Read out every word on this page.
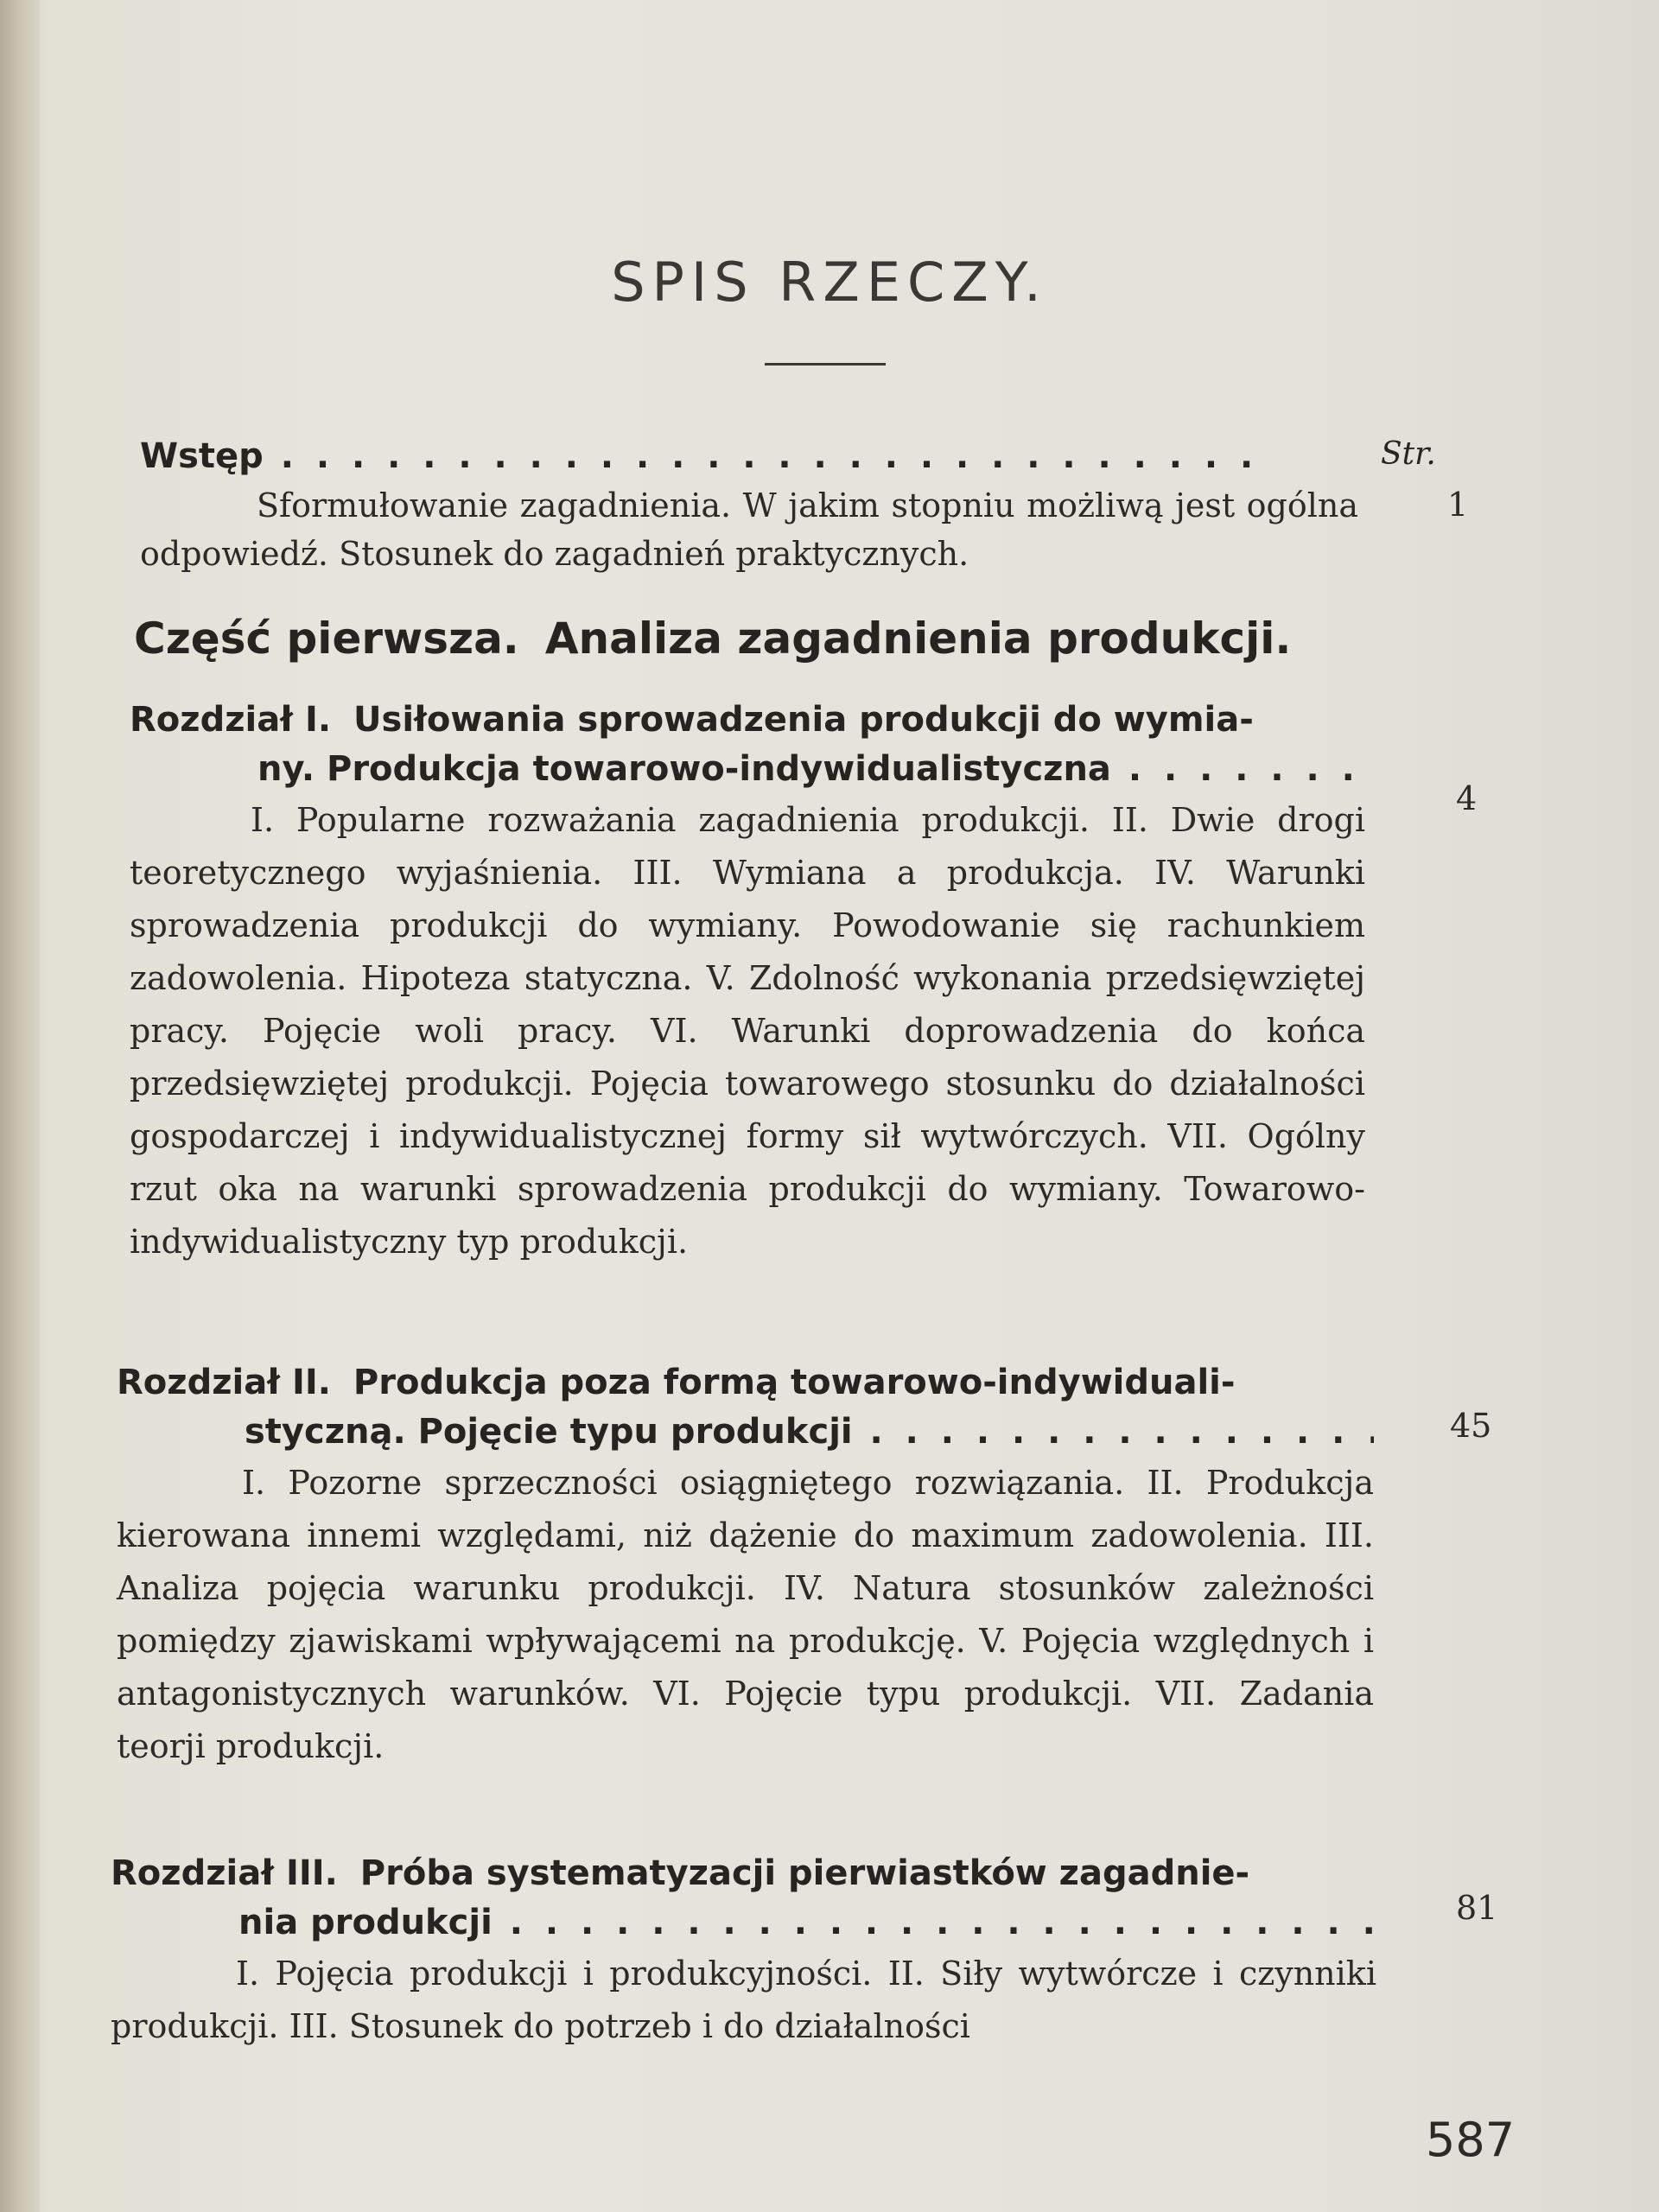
SPIS RZECZY.
Str.
Wstęp . . .
Sformułowanie zagadnienia. W jakim stopniu możliwą jest ogólna odpowiedź. Stosunek do zagadnień praktycznych.
1
Część pierwsza. Analiza zagadnienia produkcji.
Rozdział I. Usiłowania sprowadzenia produkcji do wymia-
ny. Produkcja towarowo-indywidualistyczna . . .
I. Popularne rozważania zagadnienia produkcji. II. Dwie drogi teoretycznego wyjaśnienia. III. Wymiana a produkcja. IV. Warunki sprowadzenia produkcji do wymiany. Powodowanie się rachunkiem zadowolenia. Hipoteza statyczna. V. Zdolność wykonania przedsięwziętej pracy. Pojęcie woli pracy. VI. Warunki doprowadzenia do końca przedsięwziętej produkcji. Pojęcia towarowego stosunku do działalności gospodarczej i indywidualistycznej formy sił wytwórczych. VII. Ogólny rzut oka na warunki sprowadzenia produkcji do wymiany. Towarowo-indywidualistyczny typ produkcji.
4
Rozdział II. Produkcja poza formą towarowo-indywiduali-
styczną. Pojęcie typu produkcji . . .
I. Pozorne sprzeczności osiągniętego rozwiązania. II. Produkcja kierowana innemi względami, niż dążenie do maximum zadowolenia. III. Analiza pojęcia warunku produkcji. IV. Natura stosunków zależności pomiędzy zjawiskami wpływającemi na produkcję. V. Pojęcia względnych i antagonistycznych warunków. VI. Pojęcie typu produkcji. VII. Zadania teorji produkcji.
45
Rozdział III. Próba systematyzacji pierwiastków zagadnie-
nia produkcji . . .
I. Pojęcia produkcji i produkcyjności. II. Siły wytwórcze i czynniki produkcji. III. Stosunek do potrzeb i do działalności
81
587
